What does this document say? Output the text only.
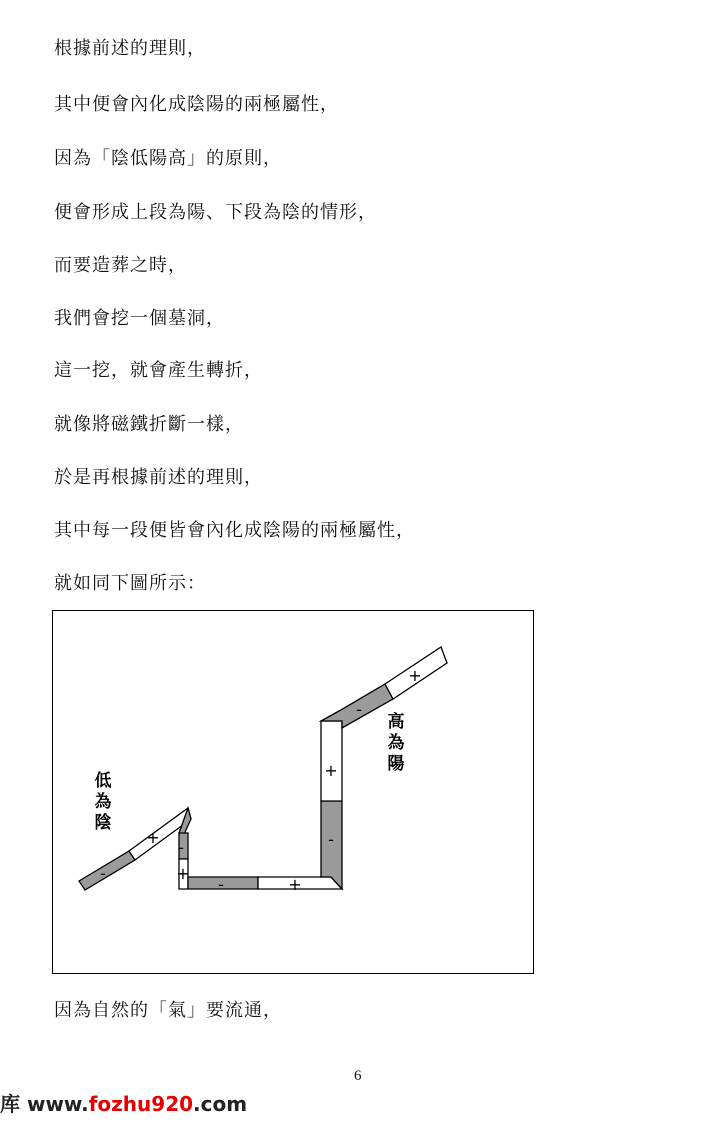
根據前述的理則，
其中便會內化成陰陽的兩極屬性，
因為「陰低陽高」的原則，
便會形成上段為陽、下段為陰的情形，
而要造葬之時，
我們會挖一個墓洞，
這一挖，就會產生轉折，
就像將磁鐵折斷一樣，
於是再根據前述的理則，
其中每一段便皆會內化成陰陽的兩極屬性，
就如同下圖所示：
-
+
-
+
-	+
-
+
-
+
低
為
陰
高
為
陽
因為自然的「氣」要流通，
6
库 www.fozhu920.com
